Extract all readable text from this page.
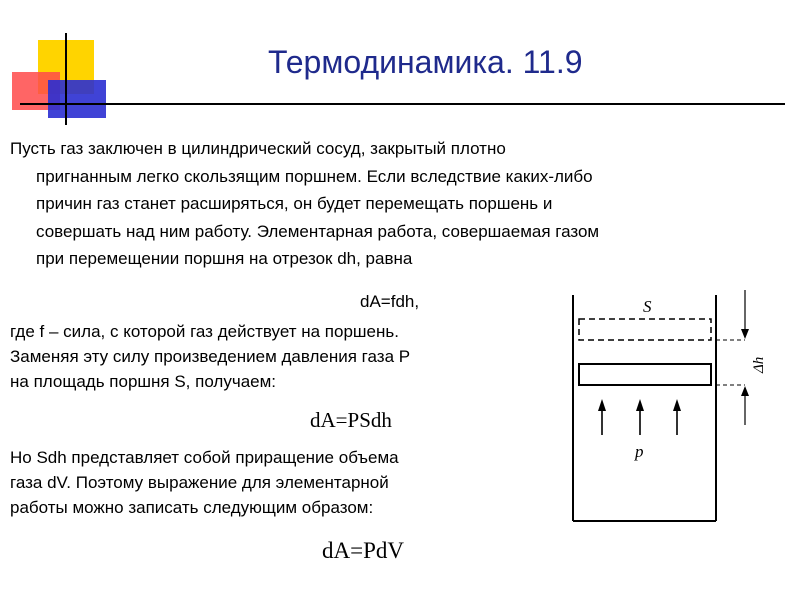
Термодинамика. 11.9
Пусть газ заключен в цилиндрический сосуд, закрытый плотно
пригнанным легко скользящим поршнем. Если вследствие каких-либо
причин газ станет расширяться, он будет перемещать поршень и
совершать над ним работу. Элементарная работа, совершаемая газом
при перемещении поршня на отрезок dh, равна
dA=fdh,
где f – сила, с которой газ действует на поршень.
Заменяя эту силу произведением давления газа P
на площадь поршня S, получаем:
dA=PSdh
Но Sdh представляет собой приращение объема
газа dV. Поэтому выражение для элементарной
работы можно записать следующим образом:
dA=PdV
Δh
S
p
